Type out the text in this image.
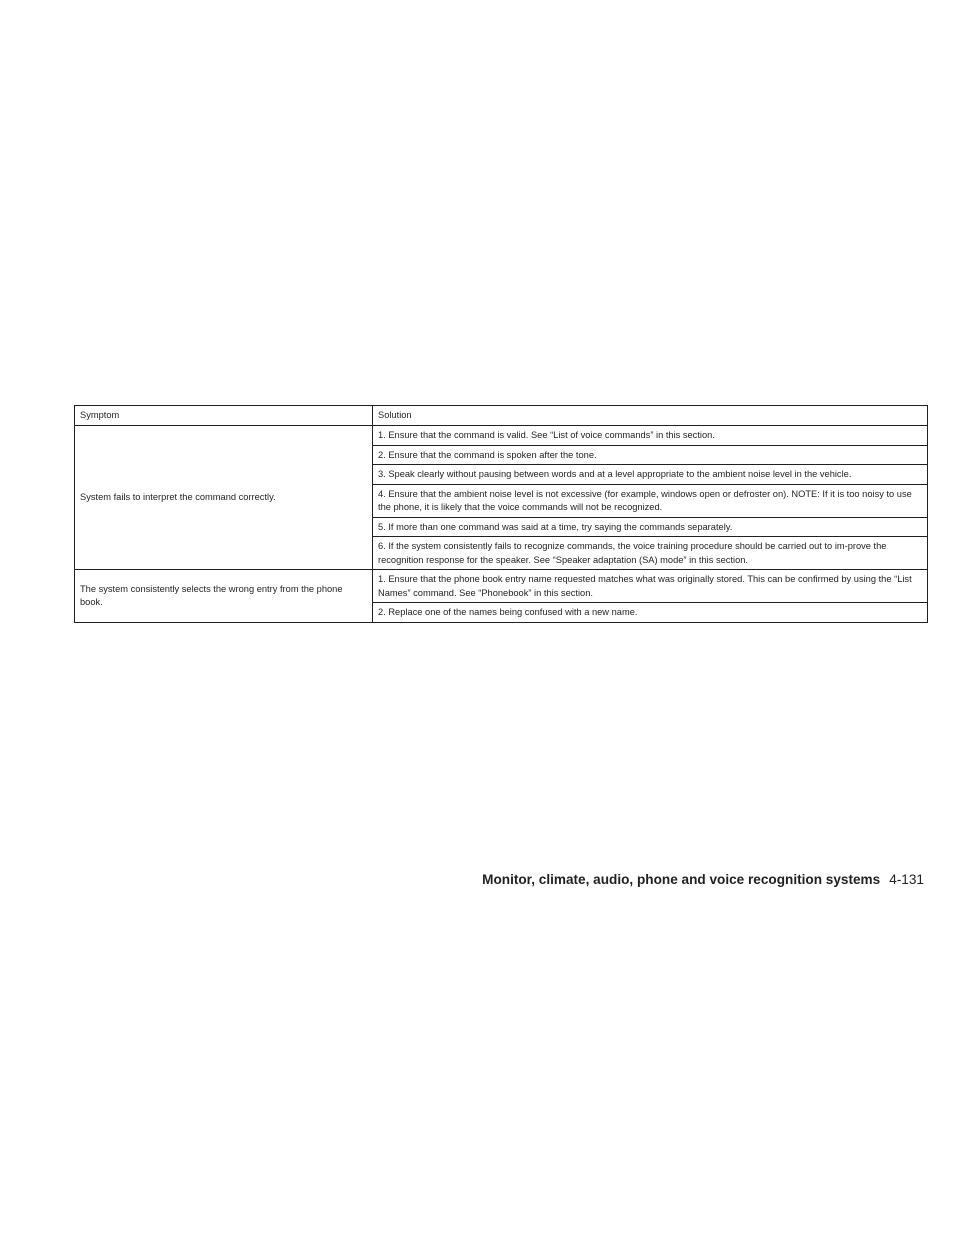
Symptom	Solution
System fails to interpret the command correctly.	1. Ensure that the command is valid. See “List of voice commands” in this section.
	2. Ensure that the command is spoken after the tone.
	3. Speak clearly without pausing between words and at a level appropriate to the ambient noise level in the vehicle.
	4. Ensure that the ambient noise level is not excessive (for example, windows open or defroster on). NOTE: If it is too noisy to use the phone, it is likely that the voice commands will not be recognized.
	5. If more than one command was said at a time, try saying the commands separately.
	6. If the system consistently fails to recognize commands, the voice training procedure should be carried out to im-prove the recognition response for the speaker. See “Speaker adaptation (SA) mode” in this section.
The system consistently selects the wrong entry from the phone book.	1. Ensure that the phone book entry name requested matches what was originally stored. This can be confirmed by using the “List Names” command. See “Phonebook” in this section.
	2. Replace one of the names being confused with a new name.
Monitor, climate, audio, phone and voice recognition systems 4-131
